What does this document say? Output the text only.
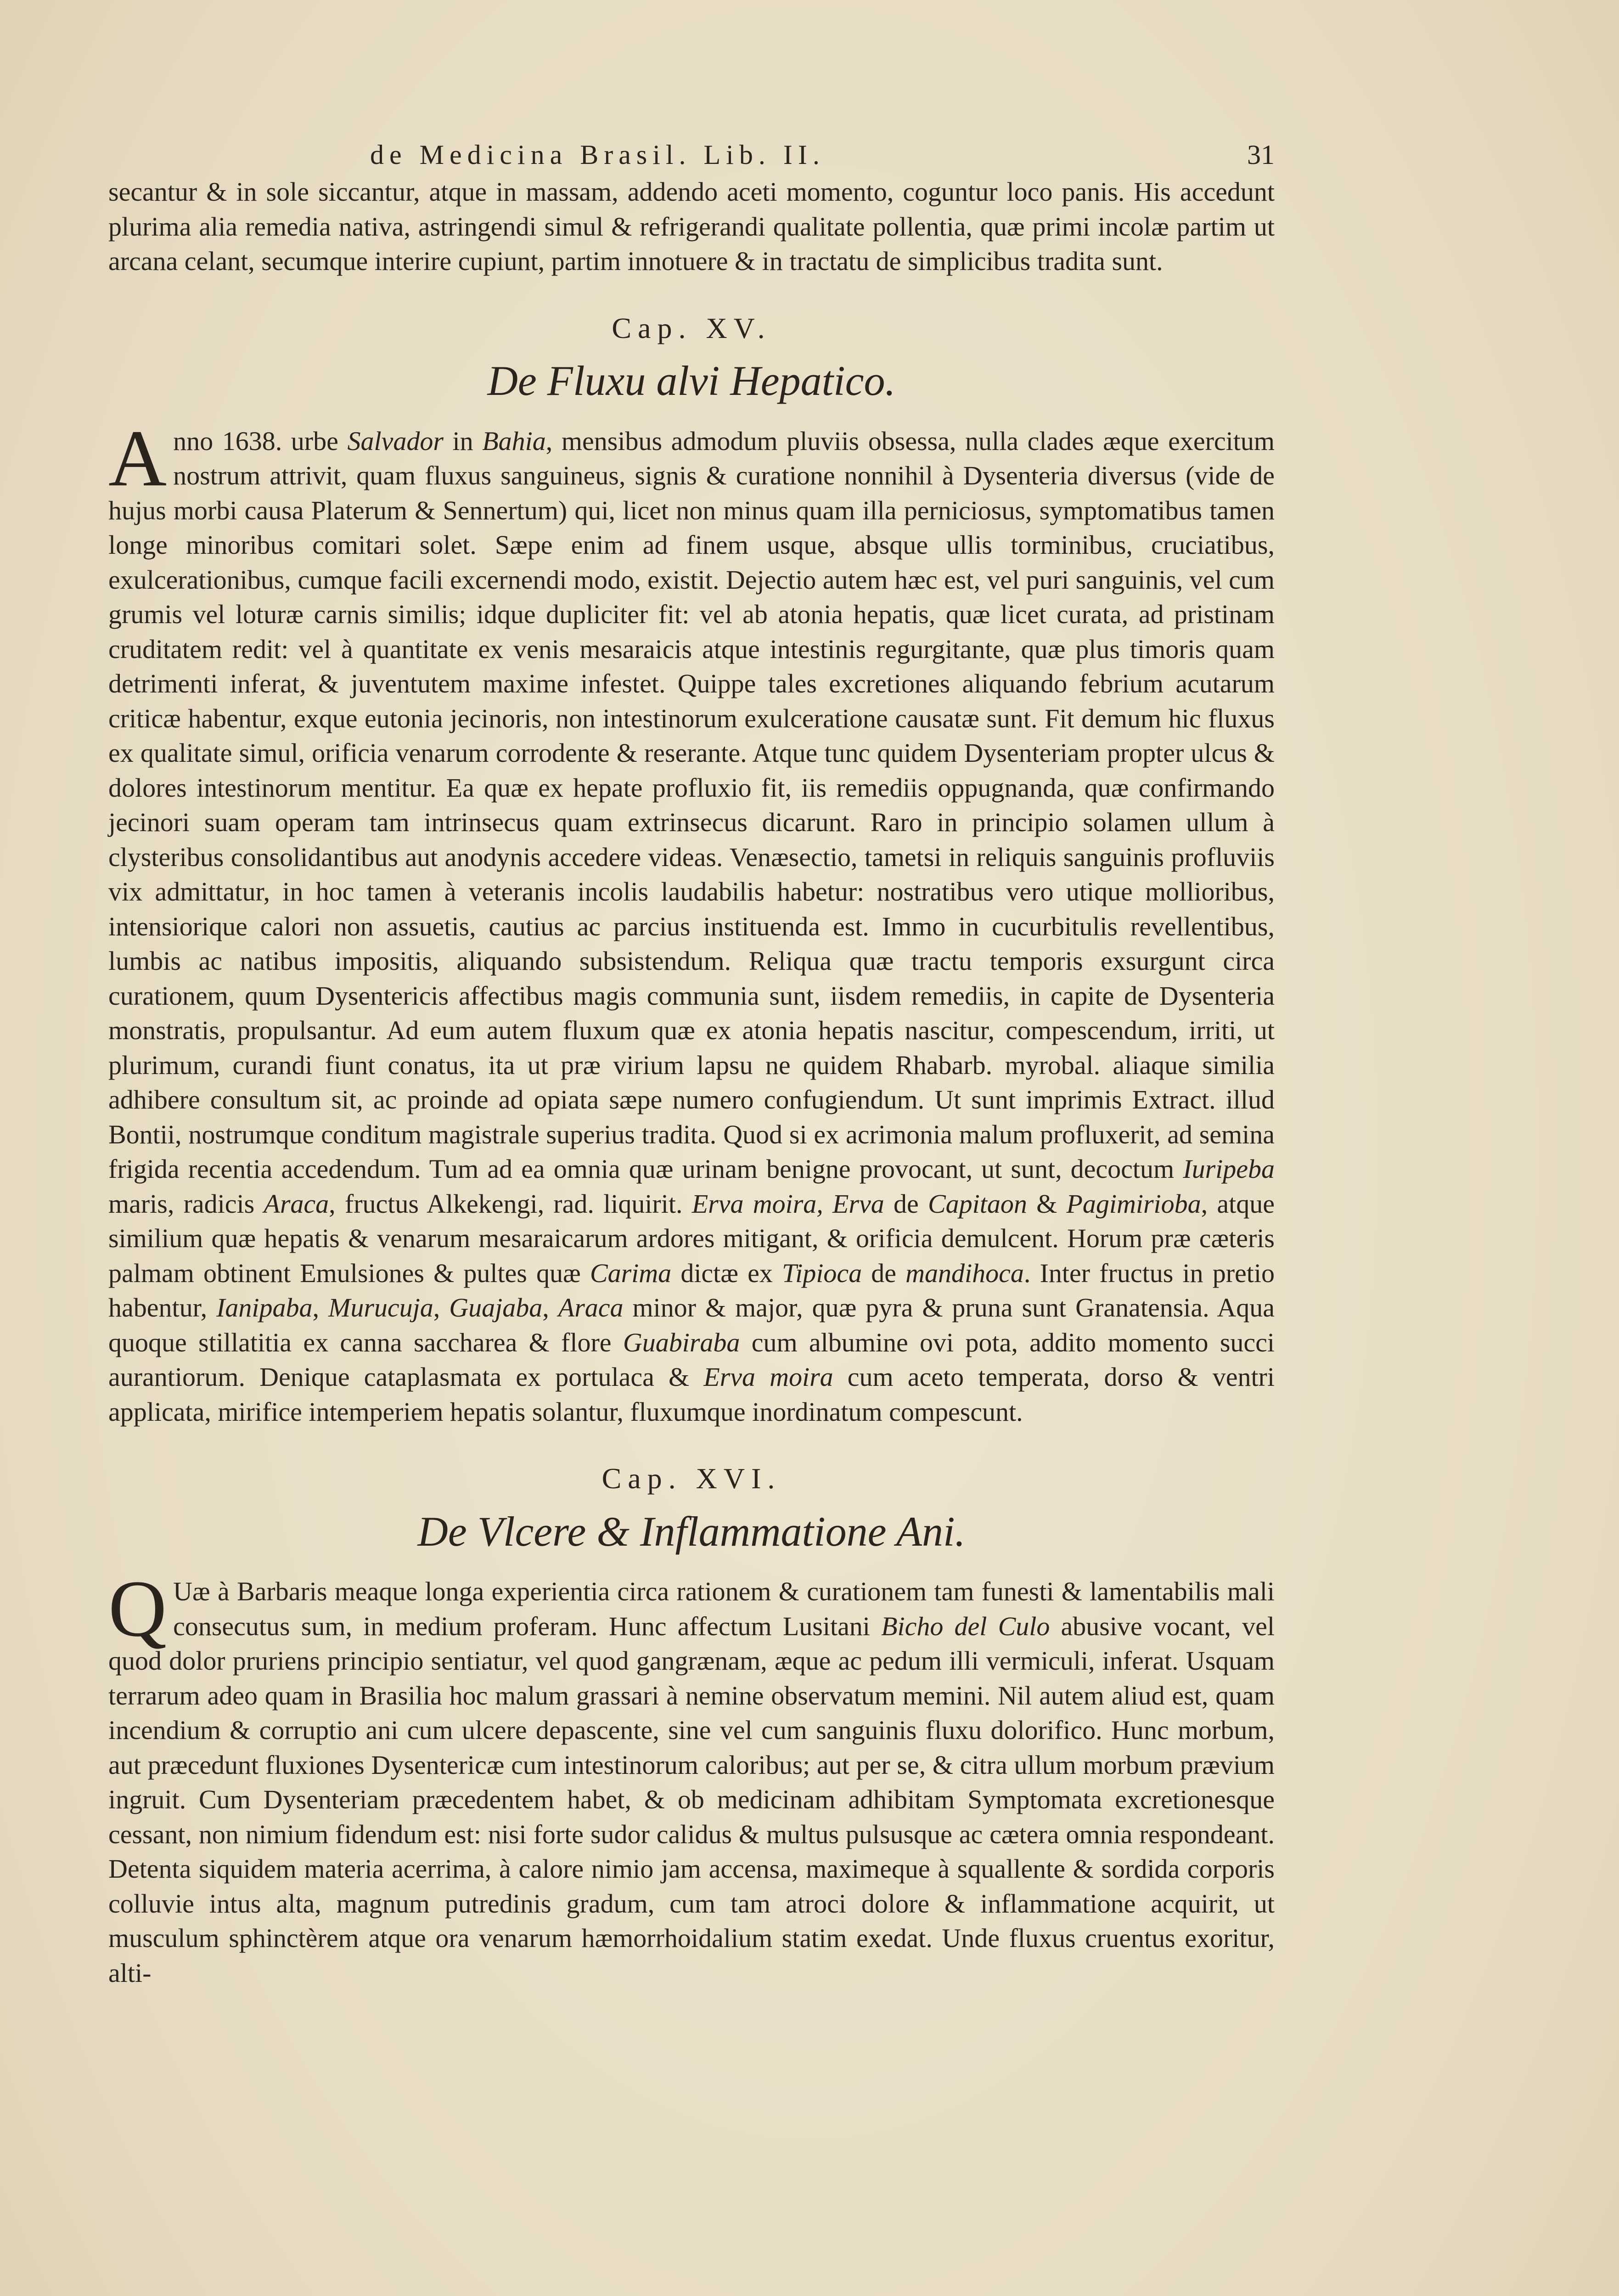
de Medicina Brasil. Lib. II.	31

secantur & in sole siccantur, atque in massam, addendo aceti momento, coguntur loco panis. His accedunt plurima alia remedia nativa, astringendi simul & refrigerandi qualitate pollentia, quæ primi incolæ partim ut arcana celant, secumque interire cupiunt, partim innotuere & in tractatu de simplicibus tradita sunt.

Cap. XV.
De Fluxu alvi Hepatico.
Anno 1638. urbe Salvador in Bahia, mensibus admodum pluviis obsessa, nulla clades æque exercitum nostrum attrivit, quam fluxus sanguineus, signis & curatione nonnihil à Dysenteria diversus (vide de hujus morbi causa Platerum & Sennertum) qui, licet non minus quam illa perniciosus, symptomatibus tamen longe minoribus comitari solet. Sæpe enim ad finem usque, absque ullis torminibus, cruciatibus, exulcerationibus, cumque facili excernendi modo, existit. Dejectio autem hæc est, vel puri sanguinis, vel cum grumis vel loturæ carnis similis; idque dupliciter fit: vel ab atonia hepatis, quæ licet curata, ad pristinam cruditatem redit: vel à quantitate ex venis mesaraicis atque intestinis regurgitante, quæ plus timoris quam detrimenti inferat, & juventutem maxime infestet. Quippe tales excretiones aliquando febrium acutarum criticæ habentur, exque eutonia jecinoris, non intestinorum exulceratione causatæ sunt. Fit demum hic fluxus ex qualitate simul, orificia venarum corrodente & reserante. Atque tunc quidem Dysenteriam propter ulcus & dolores intestinorum mentitur. Ea quæ ex hepate profluxio fit, iis remediis oppugnanda, quæ confirmando jecinori suam operam tam intrinsecus quam extrinsecus dicarunt. Raro in principio solamen ullum à clysteribus consolidantibus aut anodynis accedere videas. Venæsectio, tametsi in reliquis sanguinis profluviis vix admittatur, in hoc tamen à veteranis incolis laudabilis habetur: nostratibus vero utique mollioribus, intensiorique calori non assuetis, cautius ac parcius instituenda est. Immo in cucurbitulis revellentibus, lumbis ac natibus impositis, aliquando subsistendum. Reliqua quæ tractu temporis exsurgunt circa curationem, quum Dysentericis affectibus magis communia sunt, iisdem remediis, in capite de Dysenteria monstratis, propulsantur. Ad eum autem fluxum quæ ex atonia hepatis nascitur, compescendum, irriti, ut plurimum, curandi fiunt conatus, ita ut præ virium lapsu ne quidem Rhabarb. myrobal. aliaque similia adhibere consultum sit, ac proinde ad opiata sæpe numero confugiendum. Ut sunt imprimis Extract. illud Bontii, nostrumque conditum magistrale superius tradita. Quod si ex acrimonia malum profluxerit, ad semina frigida recentia accedendum. Tum ad ea omnia quæ urinam benigne provocant, ut sunt, decoctum Iuripeba maris, radicis Araca, fructus Alkekengi, rad. liquirit. Erva moira, Erva de Capitaon & Pagimirioba, atque similium quæ hepatis & venarum mesaraicarum ardores mitigant, & orificia demulcent. Horum præ cæteris palmam obtinent Emulsiones & pultes quæ Carima dictæ ex Tipioca de mandihoca. Inter fructus in pretio habentur, Ianipaba, Murucuja, Guajaba, Araca minor & major, quæ pyra & pruna sunt Granatensia. Aqua quoque stillatitia ex canna saccharea & flore Guabiraba cum albumine ovi pota, addito momento succi aurantiorum. Denique cataplasmata ex portulaca & Erva moira cum aceto temperata, dorso & ventri applicata, mirifice intemperiem hepatis solantur, fluxumque inordinatum compescunt.
Cap. XVI.
De Vlcere & Inflammatione Ani.
Q Uæ à Barbaris meaque longa experientia circa rationem & curationem tam funesti & lamentabilis mali consecutus sum, in medium proferam. Hunc affectum Lusitani Bicho del Culo abusive vocant, vel quod dolor pruriens principio sentiatur, vel quod gangrænam, æque ac pedum illi vermiculi, inferat. Usquam terrarum adeo quam in Brasilia hoc malum grassari à nemine observatum memini. Nil autem aliud est, quam incendium & corruptio ani cum ulcere depascente, sine vel cum sanguinis fluxu dolorifico. Hunc morbum, aut præcedunt fluxiones Dysentericæ cum intestinorum caloribus; aut per se, & citra ullum morbum prævium ingruit. Cum Dysenteriam præcedentem habet, & ob medicinam adhibitam Symptomata excretionesque cessant, non nimium fidendum est: nisi forte sudor calidus & multus pulsusque ac cætera omnia respondeant. Detenta siquidem materia acerrima, à calore nimio jam accensa, maximeque à squallente & sordida corporis colluvie intus alta, magnum putredinis gradum, cum tam atroci dolore & inflammatione acquirit, ut musculum sphinctèrem atque ora venarum hæmorrhoidalium statim exedat. Unde fluxus cruentus exoritur, alti-
